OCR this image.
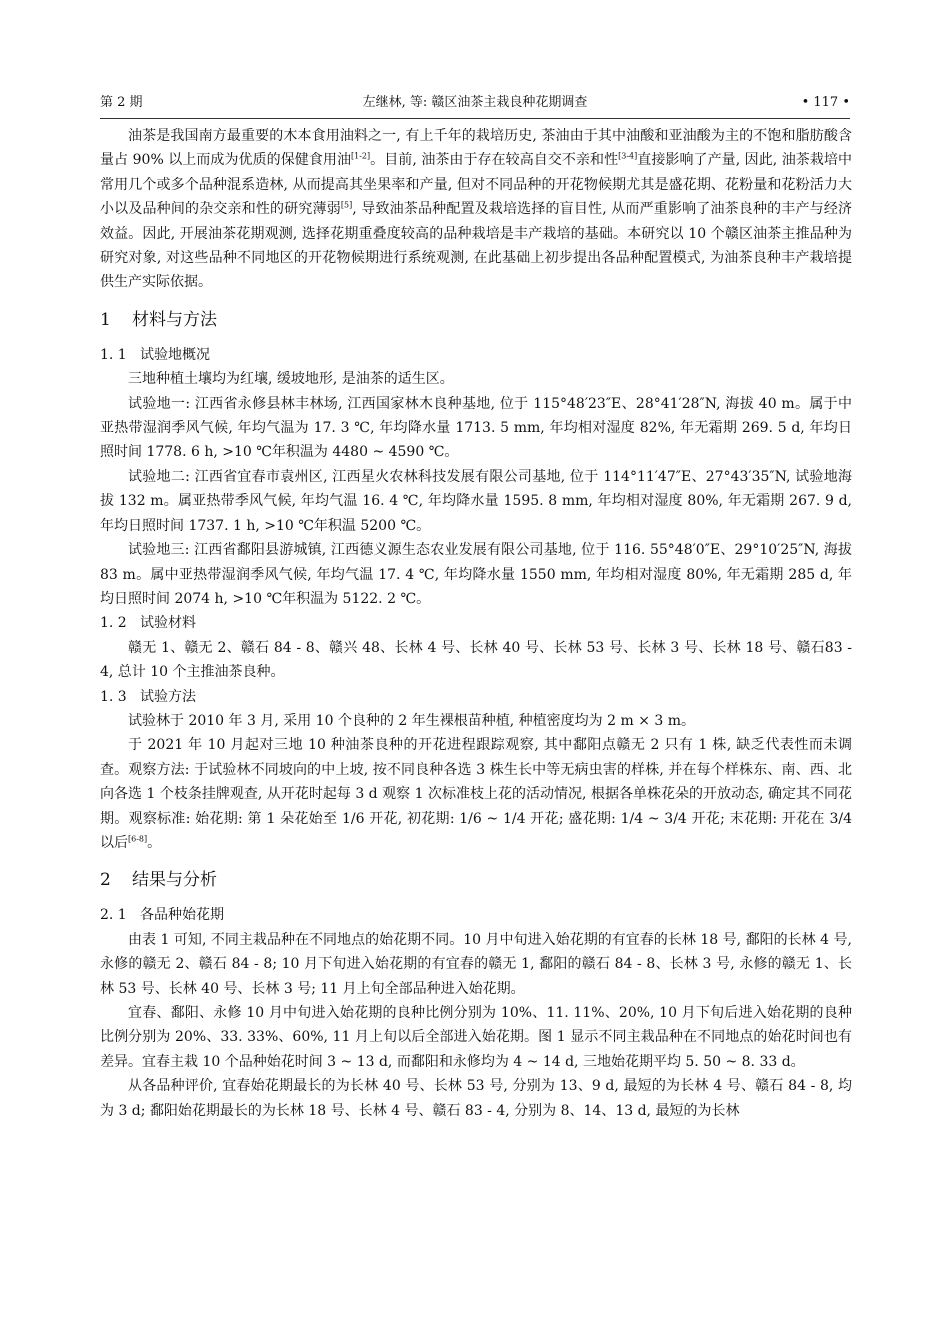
第 2 期	左继林, 等: 赣区油茶主栽良种花期调查	• 117 •

油茶是我国南方最重要的木本食用油料之一, 有上千年的栽培历史, 茶油由于其中油酸和亚油酸为主的不饱和脂肪酸含量占 90% 以上而成为优质的保健食用油[1-2]。目前, 油茶由于存在较高自交不亲和性[3-4]直接影响了产量, 因此, 油茶栽培中常用几个或多个品种混系造林, 从而提高其坐果率和产量, 但对不同品种的开花物候期尤其是盛花期、花粉量和花粉活力大小以及品种间的杂交亲和性的研究薄弱[5], 导致油茶品种配置及栽培选择的盲目性, 从而严重影响了油茶良种的丰产与经济效益。因此, 开展油茶花期观测, 选择花期重叠度较高的品种栽培是丰产栽培的基础。本研究以 10 个赣区油茶主推品种为研究对象, 对这些品种不同地区的开花物候期进行系统观测, 在此基础上初步提出各品种配置模式, 为油茶良种丰产栽培提供生产实际依据。

1 材料与方法
1. 1 试验地概况

三地种植土壤均为红壤, 缓坡地形, 是油茶的适生区。

试验地一: 江西省永修县林丰林场, 江西国家林木良种基地, 位于 115°48′23″E、28°41′28″N, 海拔 40 m。属于中亚热带湿润季风气候, 年均气温为 17. 3 ℃, 年均降水量 1713. 5 mm, 年均相对湿度 82%, 年无霜期 269. 5 d, 年均日照时间 1778. 6 h, >10 ℃年积温为 4480 ~ 4590 ℃。

试验地二: 江西省宜春市袁州区, 江西星火农林科技发展有限公司基地, 位于 114°11′47″E、27°43′35″N, 试验地海拔 132 m。属亚热带季风气候, 年均气温 16. 4 ℃, 年均降水量 1595. 8 mm, 年均相对湿度 80%, 年无霜期 267. 9 d, 年均日照时间 1737. 1 h, >10 ℃年积温 5200 ℃。

试验地三: 江西省鄱阳县游城镇, 江西德义源生态农业发展有限公司基地, 位于 116. 55°48′0″E、29°10′25″N, 海拔 83 m。属中亚热带湿润季风气候, 年均气温 17. 4 ℃, 年均降水量 1550 mm, 年均相对湿度 80%, 年无霜期 285 d, 年均日照时间 2074 h, >10 ℃年积温为 5122. 2 ℃。

1. 2 试验材料

赣无 1、赣无 2、赣石 84 - 8、赣兴 48、长林 4 号、长林 40 号、长林 53 号、长林 3 号、长林 18 号、赣石83 - 4, 总计 10 个主推油茶良种。

1. 3 试验方法

试验林于 2010 年 3 月, 采用 10 个良种的 2 年生裸根苗种植, 种植密度均为 2 m × 3 m。

于 2021 年 10 月起对三地 10 种油茶良种的开花进程跟踪观察, 其中鄱阳点赣无 2 只有 1 株, 缺乏代表性而未调查。观察方法: 于试验林不同坡向的中上坡, 按不同良种各选 3 株生长中等无病虫害的样株, 并在每个样株东、南、西、北向各选 1 个枝条挂牌观查, 从开花时起每 3 d 观察 1 次标准枝上花的活动情况, 根据各单株花朵的开放动态, 确定其不同花期。观察标准: 始花期: 第 1 朵花始至 1/6 开花, 初花期: 1/6 ~ 1/4 开花; 盛花期: 1/4 ~ 3/4 开花; 末花期: 开花在 3/4 以后[6-8]。

2 结果与分析
2. 1 各品种始花期

由表 1 可知, 不同主栽品种在不同地点的始花期不同。10 月中旬进入始花期的有宜春的长林 18 号, 鄱阳的长林 4 号, 永修的赣无 2、赣石 84 - 8; 10 月下旬进入始花期的有宜春的赣无 1, 鄱阳的赣石 84 - 8、长林 3 号, 永修的赣无 1、长林 53 号、长林 40 号、长林 3 号; 11 月上旬全部品种进入始花期。

宜春、鄱阳、永修 10 月中旬进入始花期的良种比例分别为 10%、11. 11%、20%, 10 月下旬后进入始花期的良种比例分别为 20%、33. 33%、60%, 11 月上旬以后全部进入始花期。图 1 显示不同主栽品种在不同地点的始花时间也有差异。宜春主栽 10 个品种始花时间 3 ~ 13 d, 而鄱阳和永修均为 4 ~ 14 d, 三地始花期平均 5. 50 ~ 8. 33 d。

从各品种评价, 宜春始花期最长的为长林 40 号、长林 53 号, 分别为 13、9 d, 最短的为长林 4 号、赣石 84 - 8, 均为 3 d; 鄱阳始花期最长的为长林 18 号、长林 4 号、赣石 83 - 4, 分别为 8、14、13 d, 最短的为长林
